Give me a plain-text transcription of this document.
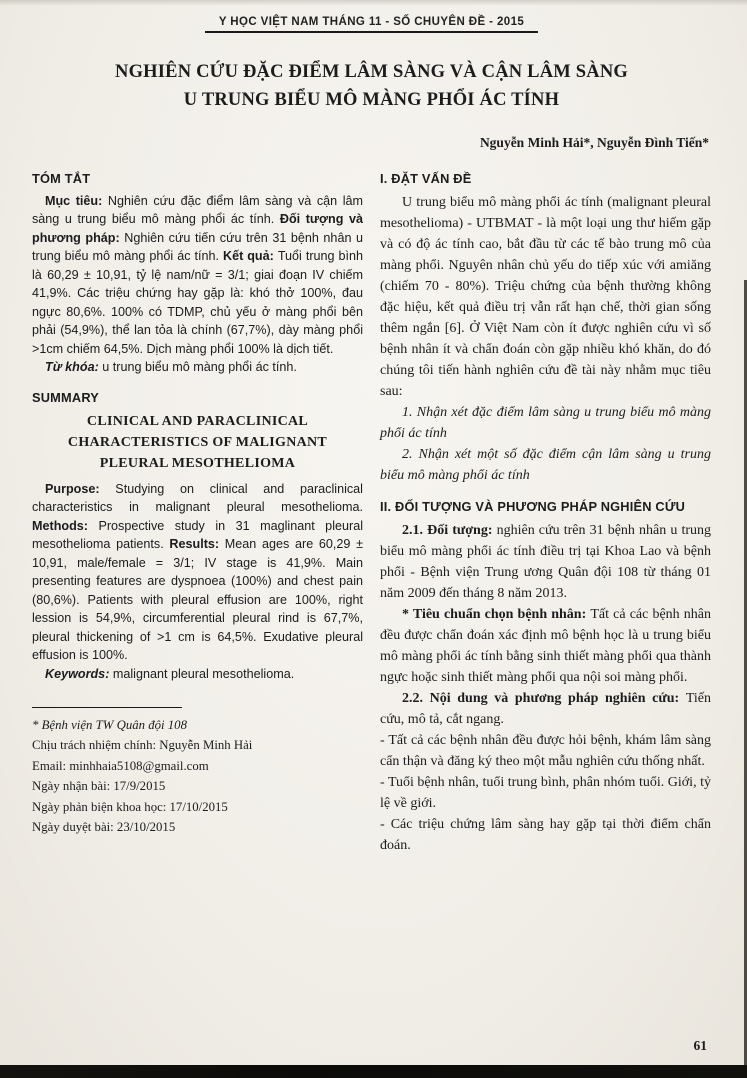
Y HỌC VIỆT NAM THÁNG 11 - SỐ CHUYÊN ĐỀ - 2015
NGHIÊN CỨU ĐẶC ĐIỂM LÂM SÀNG VÀ CẬN LÂM SÀNG
U TRUNG BIỂU MÔ MÀNG PHỔI ÁC TÍNH
Nguyễn Minh Hải*, Nguyễn Đình Tiến*
TÓM TẮT

Mục tiêu: Nghiên cứu đặc điểm lâm sàng và cận lâm sàng u trung biểu mô màng phổi ác tính. Đối tượng và phương pháp: Nghiên cứu tiến cứu trên 31 bệnh nhân u trung biểu mô màng phổi ác tính. Kết quả: Tuổi trung bình là 60,29 ± 10,91, tỷ lệ nam/nữ = 3/1; giai đoạn IV chiếm 41,9%. Các triệu chứng hay gặp là: khó thở 100%, đau ngực 80,6%. 100% có TDMP, chủ yếu ở màng phổi bên phải (54,9%), thể lan tỏa là chính (67,7%), dày màng phổi >1cm chiếm 64,5%. Dịch màng phổi 100% là dịch tiết.

Từ khóa: u trung biểu mô màng phổi ác tính.

SUMMARY
CLINICAL AND PARACLINICAL CHARACTERISTICS OF MALIGNANT PLEURAL MESOTHELIOMA

Purpose: Studying on clinical and paraclinical characteristics in malignant pleural mesothelioma. Methods: Prospective study in 31 maglinant pleural mesothelioma patients. Results: Mean ages are 60,29 ± 10,91, male/female = 3/1; IV stage is 41,9%. Main presenting features are dyspnoea (100%) and chest pain (80,6%). Patients with pleural effusion are 100%, right lession is 54,9%, circumferential pleural rind is 67,7%, pleural thickening of >1 cm is 64,5%. Exudative pleural effusion is 100%.

Keywords: malignant pleural mesothelioma.

* Bệnh viện TW Quân đội 108

Chịu trách nhiệm chính: Nguyễn Minh Hải

Email: minhhaia5108@gmail.com

Ngày nhận bài: 17/9/2015

Ngày phản biện khoa học: 17/10/2015

Ngày duyệt bài: 23/10/2015

I. ĐẶT VẤN ĐỀ

U trung biểu mô màng phổi ác tính (malignant pleural mesothelioma) - UTBMAT - là một loại ung thư hiếm gặp và có độ ác tính cao, bắt đầu từ các tế bào trung mô của màng phổi. Nguyên nhân chủ yếu do tiếp xúc với amiăng (chiếm 70 - 80%). Triệu chứng của bệnh thường không đặc hiệu, kết quả điều trị vẫn rất hạn chế, thời gian sống thêm ngắn [6]. Ở Việt Nam còn ít được nghiên cứu vì số bệnh nhân ít và chẩn đoán còn gặp nhiều khó khăn, do đó chúng tôi tiến hành nghiên cứu đề tài này nhằm mục tiêu sau:

1. Nhận xét đặc điểm lâm sàng u trung biểu mô màng phổi ác tính

2. Nhận xét một số đặc điểm cận lâm sàng u trung biểu mô màng phổi ác tính

II. ĐỐI TƯỢNG VÀ PHƯƠNG PHÁP NGHIÊN CỨU

2.1. Đối tượng: nghiên cứu trên 31 bệnh nhân u trung biểu mô màng phổi ác tính điều trị tại Khoa Lao và bệnh phổi - Bệnh viện Trung ương Quân đội 108 từ tháng 01 năm 2009 đến tháng 8 năm 2013.

* Tiêu chuẩn chọn bệnh nhân: Tất cả các bệnh nhân đều được chẩn đoán xác định mô bệnh học là u trung biểu mô màng phổi ác tính bằng sinh thiết màng phổi qua thành ngực hoặc sinh thiết màng phổi qua nội soi màng phổi.

2.2. Nội dung và phương pháp nghiên cứu: Tiến cứu, mô tả, cắt ngang.

- Tất cả các bệnh nhân đều được hỏi bệnh, khám lâm sàng cẩn thận và đăng ký theo một mẫu nghiên cứu thống nhất.

- Tuổi bệnh nhân, tuổi trung bình, phân nhóm tuổi. Giới, tỷ lệ về giới.

- Các triệu chứng lâm sàng hay gặp tại thời điểm chẩn đoán.

61
